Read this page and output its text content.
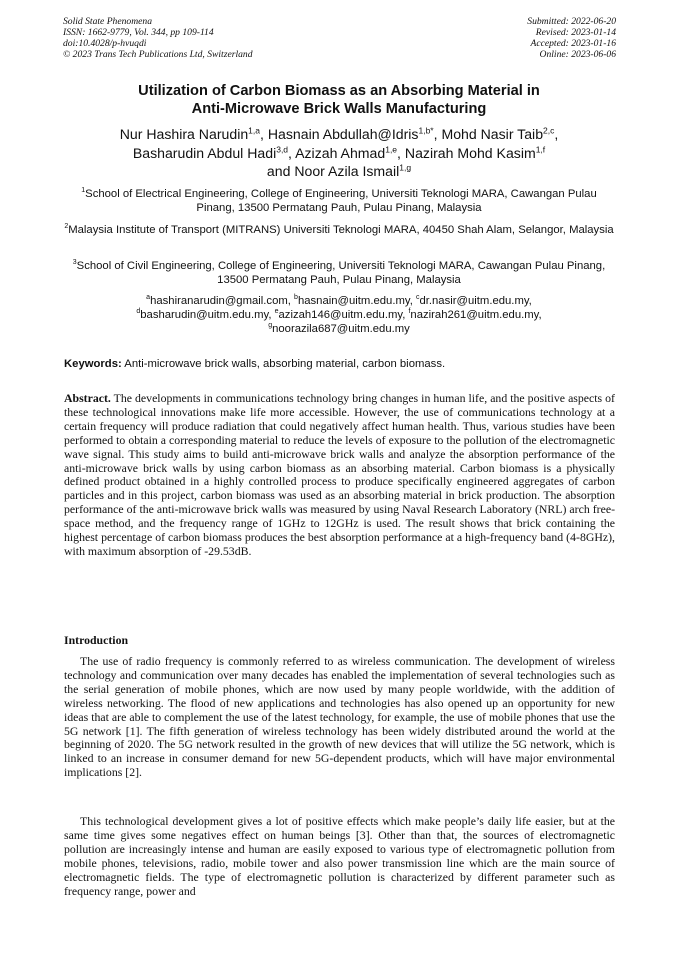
Solid State Phenomena
ISSN: 1662-9779, Vol. 344, pp 109-114
doi:10.4028/p-hvuqdi
© 2023 Trans Tech Publications Ltd, Switzerland
Submitted: 2022-06-20
Revised: 2023-01-14
Accepted: 2023-01-16
Online: 2023-06-06
Utilization of Carbon Biomass as an Absorbing Material in
Anti-Microwave Brick Walls Manufacturing
Nur Hashira Narudin$^{1,a}$, Hasnain Abdullah@Idris$^{1,b*}$, Mohd Nasir Taib$^{2,c}$,
Basharudin Abdul Hadi$^{3,d}$, Azizah Ahmad$^{1,e}$, Nazirah Mohd Kasim$^{1,f}$
and Noor Azila Ismail$^{1,g}$
$^1$School of Electrical Engineering, College of Engineering, Universiti Teknologi MARA, Cawangan Pulau Pinang, 13500 Permatang Pauh, Pulau Pinang, Malaysia
$^2$Malaysia Institute of Transport (MITRANS) Universiti Teknologi MARA, 40450 Shah Alam, Selangor, Malaysia
$^3$School of Civil Engineering, College of Engineering, Universiti Teknologi MARA, Cawangan Pulau Pinang, 13500 Permatang Pauh, Pulau Pinang, Malaysia
$^a$hashiranarudin@gmail.com, $^b$hasnain@uitm.edu.my, $^c$dr.nasir@uitm.edu.my,
$^d$basharudin@uitm.edu.my, $^e$azizah146@uitm.edu.my, $^f$nazirah261@uitm.edu.my,
$^g$noorazila687@uitm.edu.my
Keywords: Anti-microwave brick walls, absorbing material, carbon biomass.
Abstract. The developments in communications technology bring changes in human life, and the positive aspects of these technological innovations make life more accessible. However, the use of communications technology at a certain frequency will produce radiation that could negatively affect human health. Thus, various studies have been performed to obtain a corresponding material to reduce the levels of exposure to the pollution of the electromagnetic wave signal. This study aims to build anti-microwave brick walls and analyze the absorption performance of the anti-microwave brick walls by using carbon biomass as an absorbing material. Carbon biomass is a physically defined product obtained in a highly controlled process to produce specifically engineered aggregates of carbon particles and in this project, carbon biomass was used as an absorbing material in brick production. The absorption performance of the anti-microwave brick walls was measured by using Naval Research Laboratory (NRL) arch free-space method, and the frequency range of 1GHz to 12GHz is used. The result shows that brick containing the highest percentage of carbon biomass produces the best absorption performance at a high-frequency band (4-8GHz), with maximum absorption of -29.53dB.
Introduction

The use of radio frequency is commonly referred to as wireless communication. The development of wireless technology and communication over many decades has enabled the implementation of several technologies such as the serial generation of mobile phones, which are now used by many people worldwide, with the addition of wireless networking. The flood of new applications and technologies has also opened up an opportunity for new ideas that are able to complement the use of the latest technology, for example, the use of mobile phones that use the 5G network [1]. The fifth generation of wireless technology has been widely distributed around the world at the beginning of 2020. The 5G network resulted in the growth of new devices that will utilize the 5G network, which is linked to an increase in consumer demand for new 5G-dependent products, which will have major environmental implications [2].

This technological development gives a lot of positive effects which make people’s daily life easier, but at the same time gives some negatives effect on human beings [3]. Other than that, the sources of electromagnetic pollution are increasingly intense and human are easily exposed to various type of electromagnetic pollution from mobile phones, televisions, radio, mobile tower and also power transmission line which are the main source of electromagnetic fields. The type of electromagnetic pollution is characterized by different parameter such as frequency range, power and
